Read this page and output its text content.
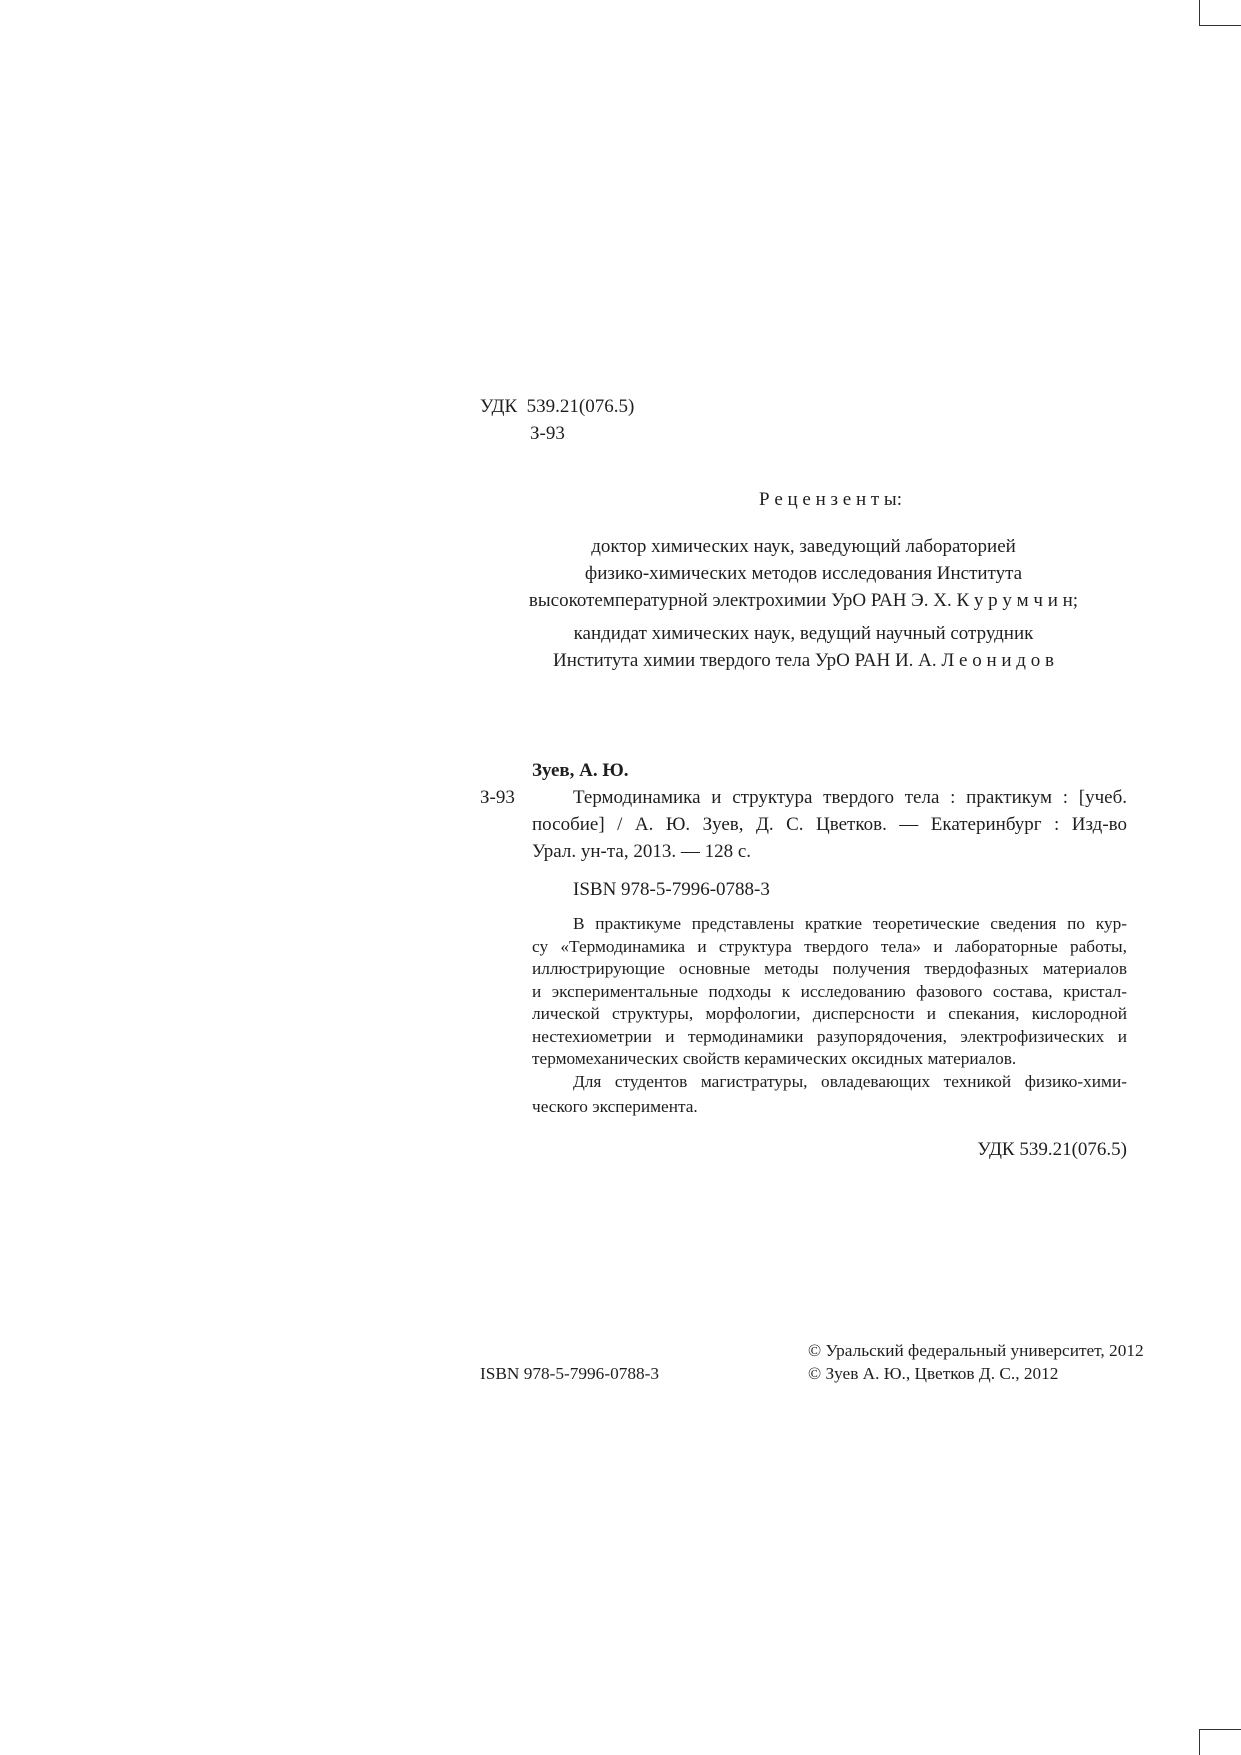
УДК 539.21(076.5)
З-93
Р е ц е н з е н т ы:
доктор химических наук, заведующий лабораторией
физико-химических методов исследования Института
высокотемпературной электрохимии УрО РАН Э. Х. К у р у м ч и н;
кандидат химических наук, ведущий научный сотрудник
Института химии твердого тела УрО РАН И. А. Л е о н и д о в
Зуев, А. Ю.
З-93	Термодинамика и структура твердого тела : практикум : [учеб.
пособие] / А. Ю. Зуев, Д. С. Цветков. — Екатеринбург : Изд-во
Урал. ун-та, 2013. — 128 с.
ISBN 978-5-7996-0788-3
В практикуме представлены краткие теоретические сведения по кур-
су «Термодинамика и структура твердого тела» и лабораторные работы,
иллюстрирующие основные методы получения твердофазных материалов
и экспериментальные подходы к исследованию фазового состава, кристал-
лической структуры, морфологии, дисперсности и спекания, кислородной
нестехиометрии и термодинамики разупорядочения, электрофизических и
термомеханических свойств керамических оксидных материалов.
Для студентов магистратуры, овладевающих техникой физико-хими-
ческого эксперимента.
УДК 539.21(076.5)
© Уральский федеральный университет, 2012
ISBN 978-5-7996-0788-3	© Зуев А. Ю., Цветков Д. С., 2012
